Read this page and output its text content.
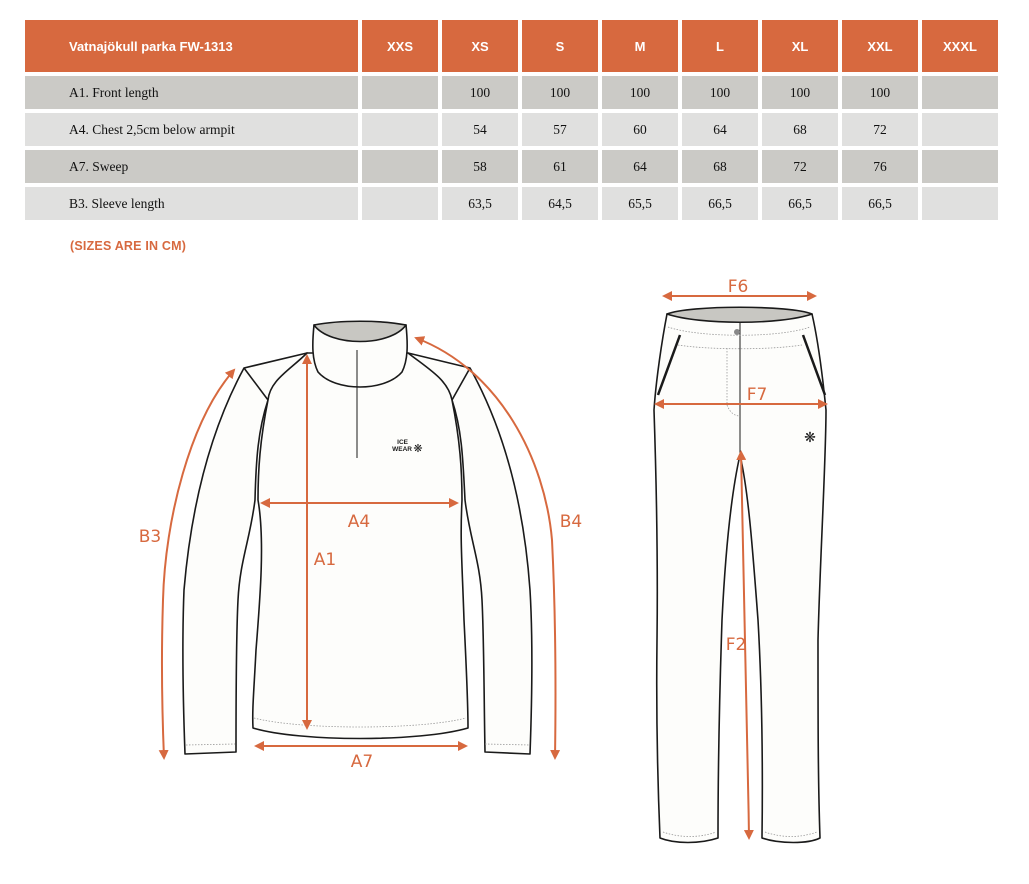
Vatnajökull parka FW-1313	XXS	XS	S	M	L	XL	XXL	XXXL
A1. Front length		100	100	100	100	100	100	
A4. Chest 2,5cm below armpit		54	57	60	64	68	72	
A7. Sweep		58	61	64	68	72	76	
B3. Sleeve length		63,5	64,5	65,5	66,5	66,5	66,5	
(SIZES ARE IN CM)
ICE
WEAR ❋
A4
A1
A7
B3
B4
❋
F6
F7
F2
